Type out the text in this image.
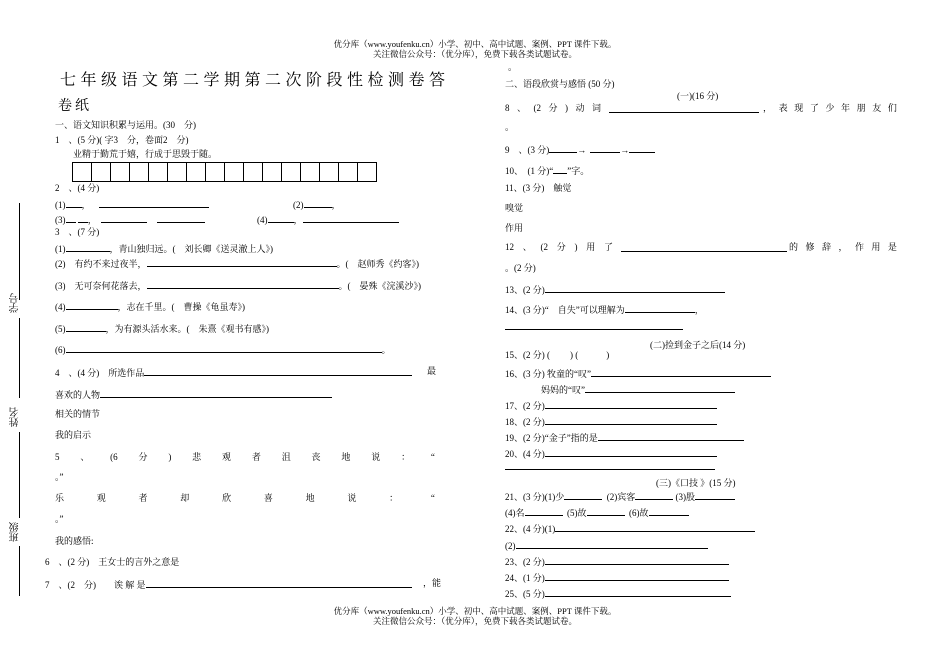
优分库（www.youfenku.cn）小学、初中、高中试题、案例、PPT 课件下载。
关注微信公众号：（优分库），免费下载各类试题试卷。
学号
姓名
班级
七年级语文第二学期第二次阶段性检测卷答
卷纸
一、语文知识积累与运用。(30　分)
1　、(5 分)( 字3　分，卷面2　分)
业精于勤荒于嬉，行成于思毁于随。
2　、(4 分)
(1) ，	(2)	，
(3) ，	(4)	，
3　、(7 分)
(1)	，青山独归远。(　刘长卿《送灵澈上人》)
(2)　有约不来过夜半，	。(　赵师秀《约客》)
(3)　无可奈何花落去，	。(　晏殊《浣溪沙》)
(4)	，志在千里。(　曹操《龟虽寿》)
(5)	，为有源头活水来。(　朱熹《观书有感》)
(6)	。
4　、(4 分)　所选作品	最
喜欢的人物
相关的情节
我的启示
5 、 (6 分 ) 悲 观 者 沮 丧 地 说 ： “
。”
乐	观	者	却	欣	喜	地	说	：	“
。”
我的感悟:
6　、(2 分)　王女士的言外之意是
7　、(2　分)　　诶 解 是	，能
。
二、语段欣赏与感悟 (50 分)
(一)(16 分)
8 、 (2 分 ) 动 词	， 表 现 了 少 年 朋 友 们
。
9　、(3 分)	→	→
10、　(1 分)“ ”字。
11、(3 分)　触觉
嗅觉
作用
12 、 (2 分 ) 用 了	的 修 辞 ， 作 用 是
。(2 分)
13、(2 分)
14、(3 分)“　自失”可以理解为	，
(二)捡到金子之后(14 分)
15、(2 分) ( ) (	)
16、(3 分) 牧童的“叹”
妈妈的“叹”
17、(2 分)
18、(2 分)
19、(2 分)“金子”指的是
20、(4 分)
(三)《口技 》(15 分)
21、(3 分)(1)少	(2)宾客	(3)股
(4)名	(5)故	(6)故
22、(4 分)(1)
(2)
23、(2 分)
24、(1 分)
25、(5 分)
优分库（www.youfenku.cn）小学、初中、高中试题、案例、PPT 课件下载。
关注微信公众号：（优分库），免费下载各类试题试卷。
